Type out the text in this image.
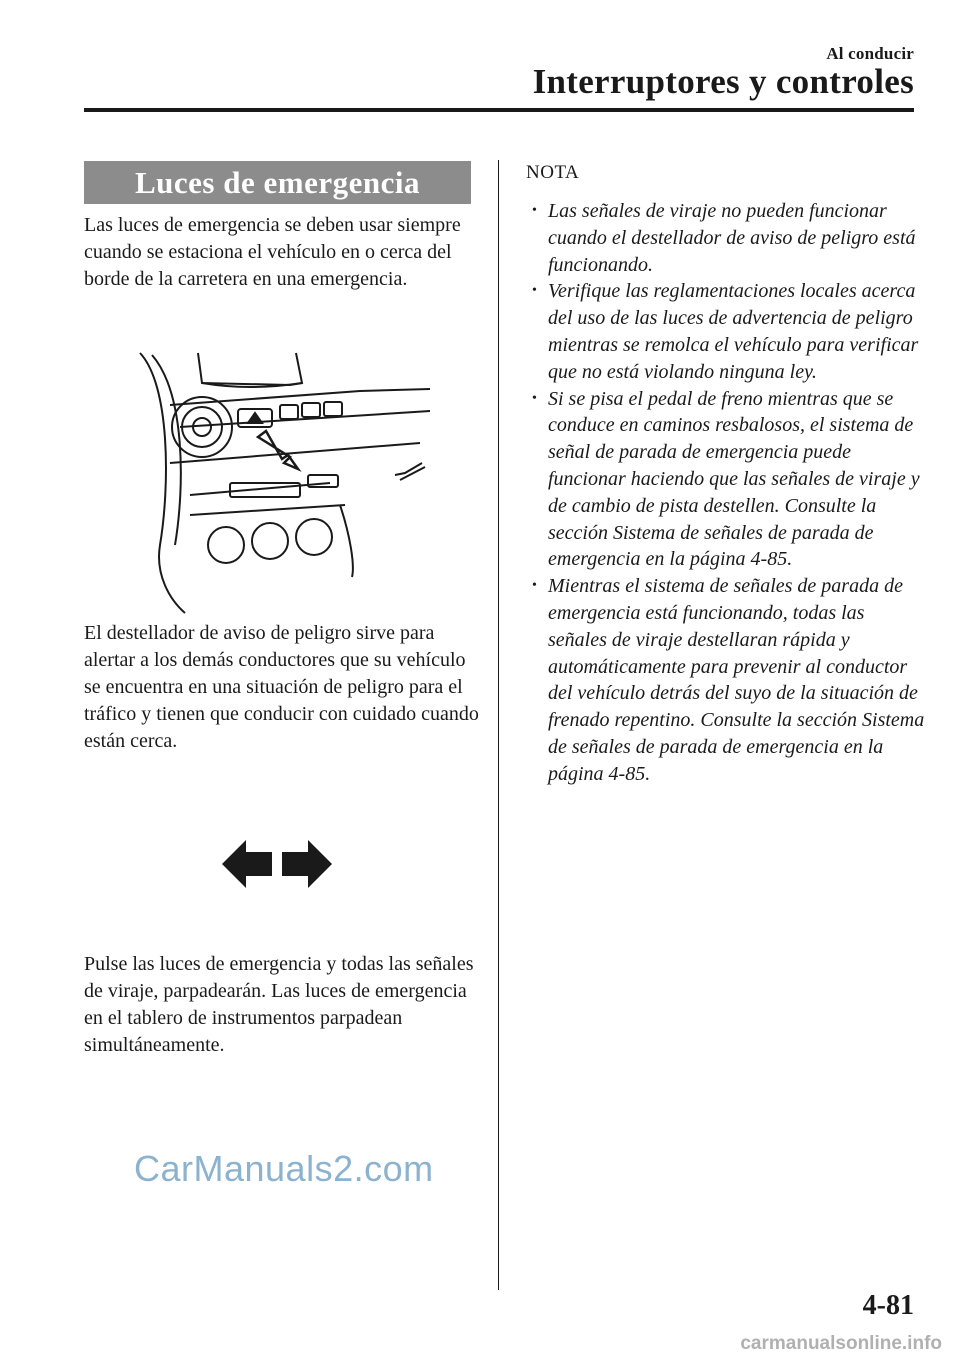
Al conducir
Interruptores y controles
Luces de emergencia

Las luces de emergencia se deben usar siempre cuando se estaciona el vehículo en o cerca del borde de la carretera en una emergencia.

El destellador de aviso de peligro sirve para alertar a los demás conductores que su vehículo se encuentra en una situación de peligro para el tráfico y tienen que conducir con cuidado cuando están cerca.

Pulse las luces de emergencia y todas las señales de viraje, parpadearán. Las luces de emergencia en el tablero de instrumentos parpadean simultáneamente.

NOTA
• Las señales de viraje no pueden funcionar cuando el destellador de aviso de peligro está funcionando.
• Verifique las reglamentaciones locales acerca del uso de las luces de advertencia de peligro mientras se remolca el vehículo para verificar que no está violando ninguna ley.
• Si se pisa el pedal de freno mientras que se conduce en caminos resbalosos, el sistema de señal de parada de emergencia puede funcionar haciendo que las señales de viraje y de cambio de pista destellen. Consulte la sección Sistema de señales de parada de emergencia en la página 4-85.
• Mientras el sistema de señales de parada de emergencia está funcionando, todas las señales de viraje destellaran rápida y automáticamente para prevenir al conductor del vehículo detrás del suyo de la situación de frenado repentino. Consulte la sección Sistema de señales de parada de emergencia en la página 4-85.
CarManuals2.com
4-81
carmanualsonline.info
